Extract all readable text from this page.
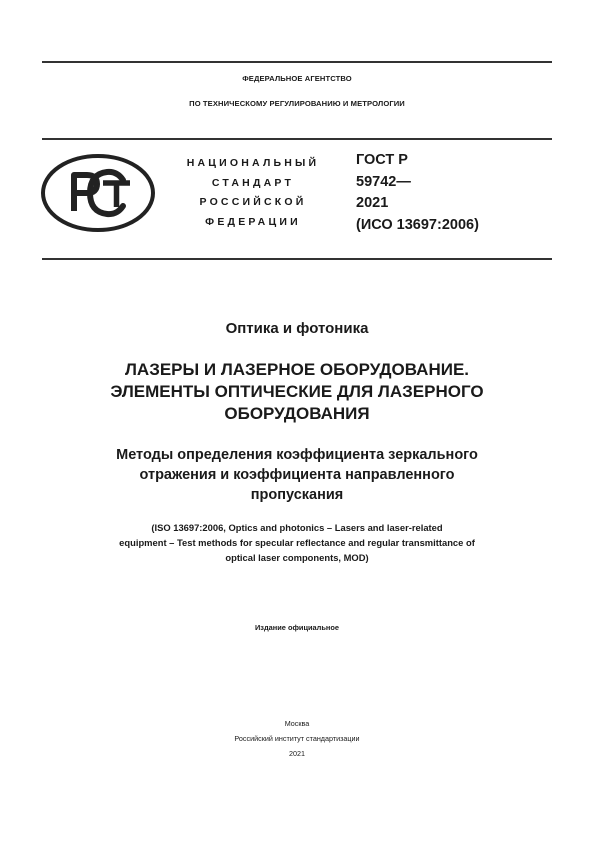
ФЕДЕРАЛЬНОЕ АГЕНТСТВО
ПО ТЕХНИЧЕСКОМУ РЕГУЛИРОВАНИЮ И МЕТРОЛОГИИ
НАЦИОНАЛЬНЫЙ
СТАНДАРТ
РОССИЙСКОЙ
ФЕДЕРАЦИИ
ГОСТ Р
59742—
2021
(ИСО 13697:2006)
Оптика и фотоника
ЛАЗЕРЫ И ЛАЗЕРНОЕ ОБОРУДОВАНИЕ.
ЭЛЕМЕНТЫ ОПТИЧЕСКИЕ ДЛЯ ЛАЗЕРНОГО
ОБОРУДОВАНИЯ
Методы определения коэффициента зеркального
отражения и коэффициента направленного
пропускания
(ISO 13697:2006, Optics and photonics – Lasers and laser-related
equipment – Test methods for specular reflectance and regular transmittance of
optical laser components, MOD)
Издание официальное
Москва
Российский институт стандартизации
2021
